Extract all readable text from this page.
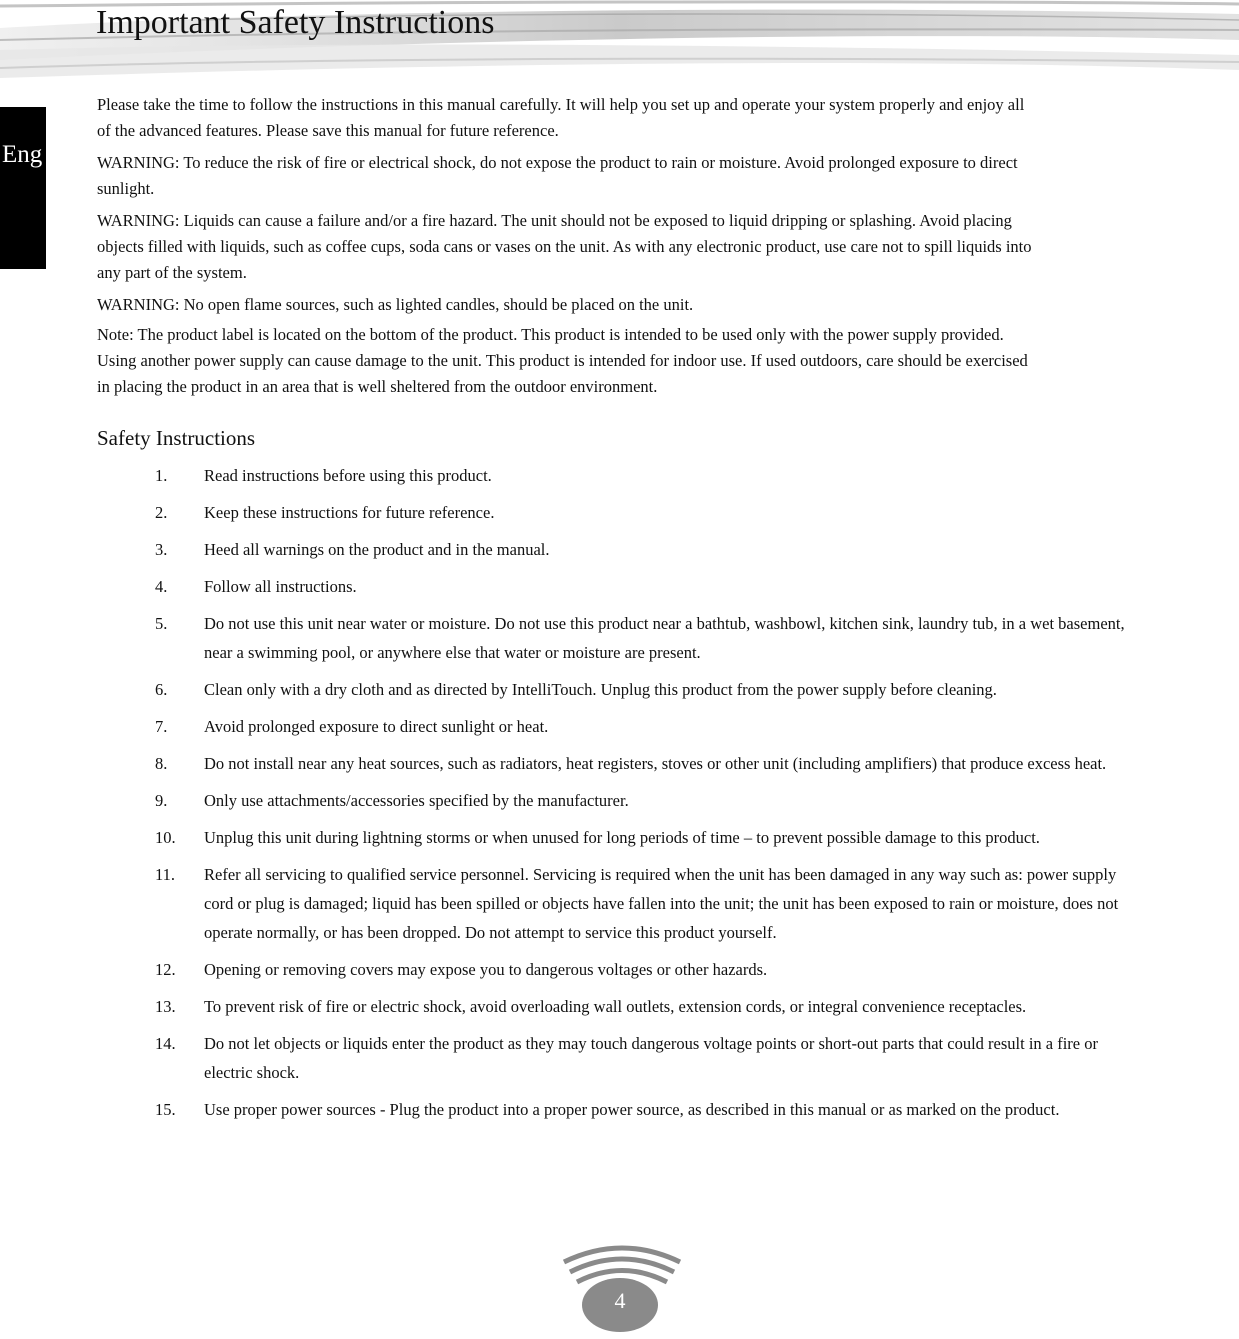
Important Safety Instructions
Eng

Please take the time to follow the instructions in this manual carefully. It will help you set up and operate your system properly and enjoy all of the advanced features. Please save this manual for future reference.

WARNING: To reduce the risk of fire or electrical shock, do not expose the product to rain or moisture. Avoid prolonged exposure to direct sunlight.

WARNING: Liquids can cause a failure and/or a fire hazard. The unit should not be exposed to liquid dripping or splashing. Avoid placing objects filled with liquids, such as coffee cups, soda cans or vases on the unit. As with any electronic product, use care not to spill liquids into any part of the system.

WARNING: No open flame sources, such as lighted candles, should be placed on the unit.

Note: The product label is located on the bottom of the product. This product is intended to be used only with the power supply provided. Using another power supply can cause damage to the unit. This product is intended for indoor use. If used outdoors, care should be exercised in placing the product in an area that is well sheltered from the outdoor environment.

Safety Instructions
1.	Read instructions before using this product.
2.	Keep these instructions for future reference.
3.	Heed all warnings on the product and in the manual.
4.	Follow all instructions.
5.	Do not use this unit near water or moisture. Do not use this product near a bathtub, washbowl, kitchen sink, laundry tub, in a wet basement, near a swimming pool, or anywhere else that water or moisture are present.
6.	Clean only with a dry cloth and as directed by IntelliTouch. Unplug this product from the power supply before cleaning.
7.	Avoid prolonged exposure to direct sunlight or heat.
8.	Do not install near any heat sources, such as radiators, heat registers, stoves or other unit (including amplifiers) that produce excess heat.
9.	Only use attachments/accessories specified by the manufacturer.
10.	Unplug this unit during lightning storms or when unused for long periods of time – to prevent possible damage to this product.
11.	Refer all servicing to qualified service personnel. Servicing is required when the unit has been damaged in any way such as: power supply cord or plug is damaged; liquid has been spilled or objects have fallen into the unit; the unit has been exposed to rain or moisture, does not operate normally, or has been dropped. Do not attempt to service this product yourself.
12.	Opening or removing covers may expose you to dangerous voltages or other hazards.
13.	To prevent risk of fire or electric shock, avoid overloading wall outlets, extension cords, or integral convenience receptacles.
14.	Do not let objects or liquids enter the product as they may touch dangerous voltage points or short-out parts that could result in a fire or electric shock.
15.	Use proper power sources - Plug the product into a proper power source, as described in this manual or as marked on the product.
4
